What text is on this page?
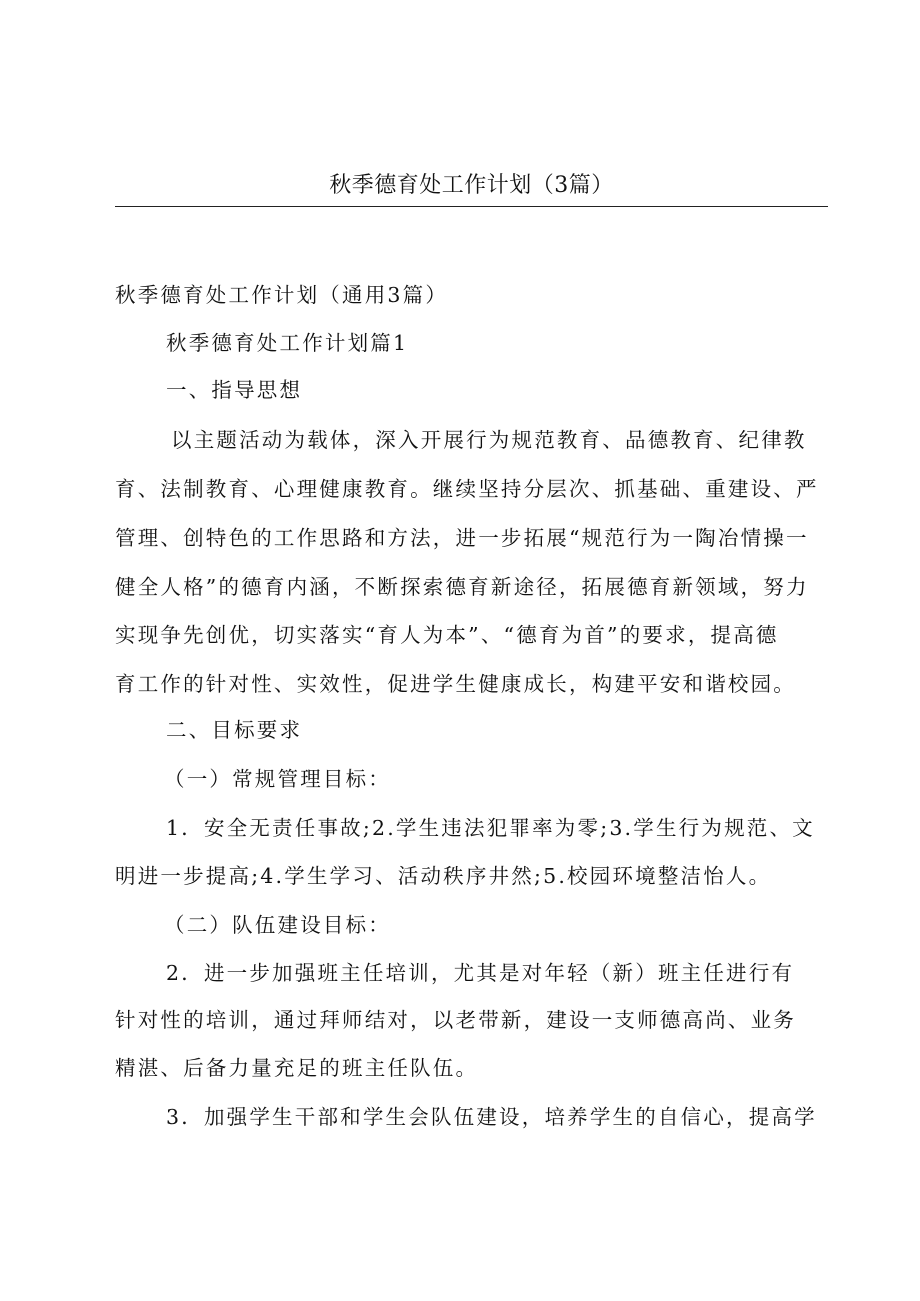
秋季德育处工作计划（3篇）
秋季德育处工作计划（通用3篇）
秋季德育处工作计划篇1
一、指导思想
以主题活动为载体，深入开展行为规范教育、品德教育、纪律教
育、法制教育、心理健康教育。继续坚持分层次、抓基础、重建设、严
管理、创特色的工作思路和方法，进一步拓展“规范行为一陶冶情操一
健全人格”的德育内涵，不断探索德育新途径，拓展德育新领域，努力
实现争先创优，切实落实“育人为本”、“德育为首”的要求，提高德
育工作的针对性、实效性，促进学生健康成长，构建平安和谐校园。
二、目标要求
（一）常规管理目标：
1．安全无责任事故;2.学生违法犯罪率为零;3.学生行为规范、文
明进一步提高;4.学生学习、活动秩序井然;5.校园环境整洁怡人。
（二）队伍建设目标：
2．进一步加强班主任培训，尤其是对年轻（新）班主任进行有
针对性的培训，通过拜师结对，以老带新，建设一支师德高尚、业务
精湛、后备力量充足的班主任队伍。
3．加强学生干部和学生会队伍建设，培养学生的自信心，提高学
